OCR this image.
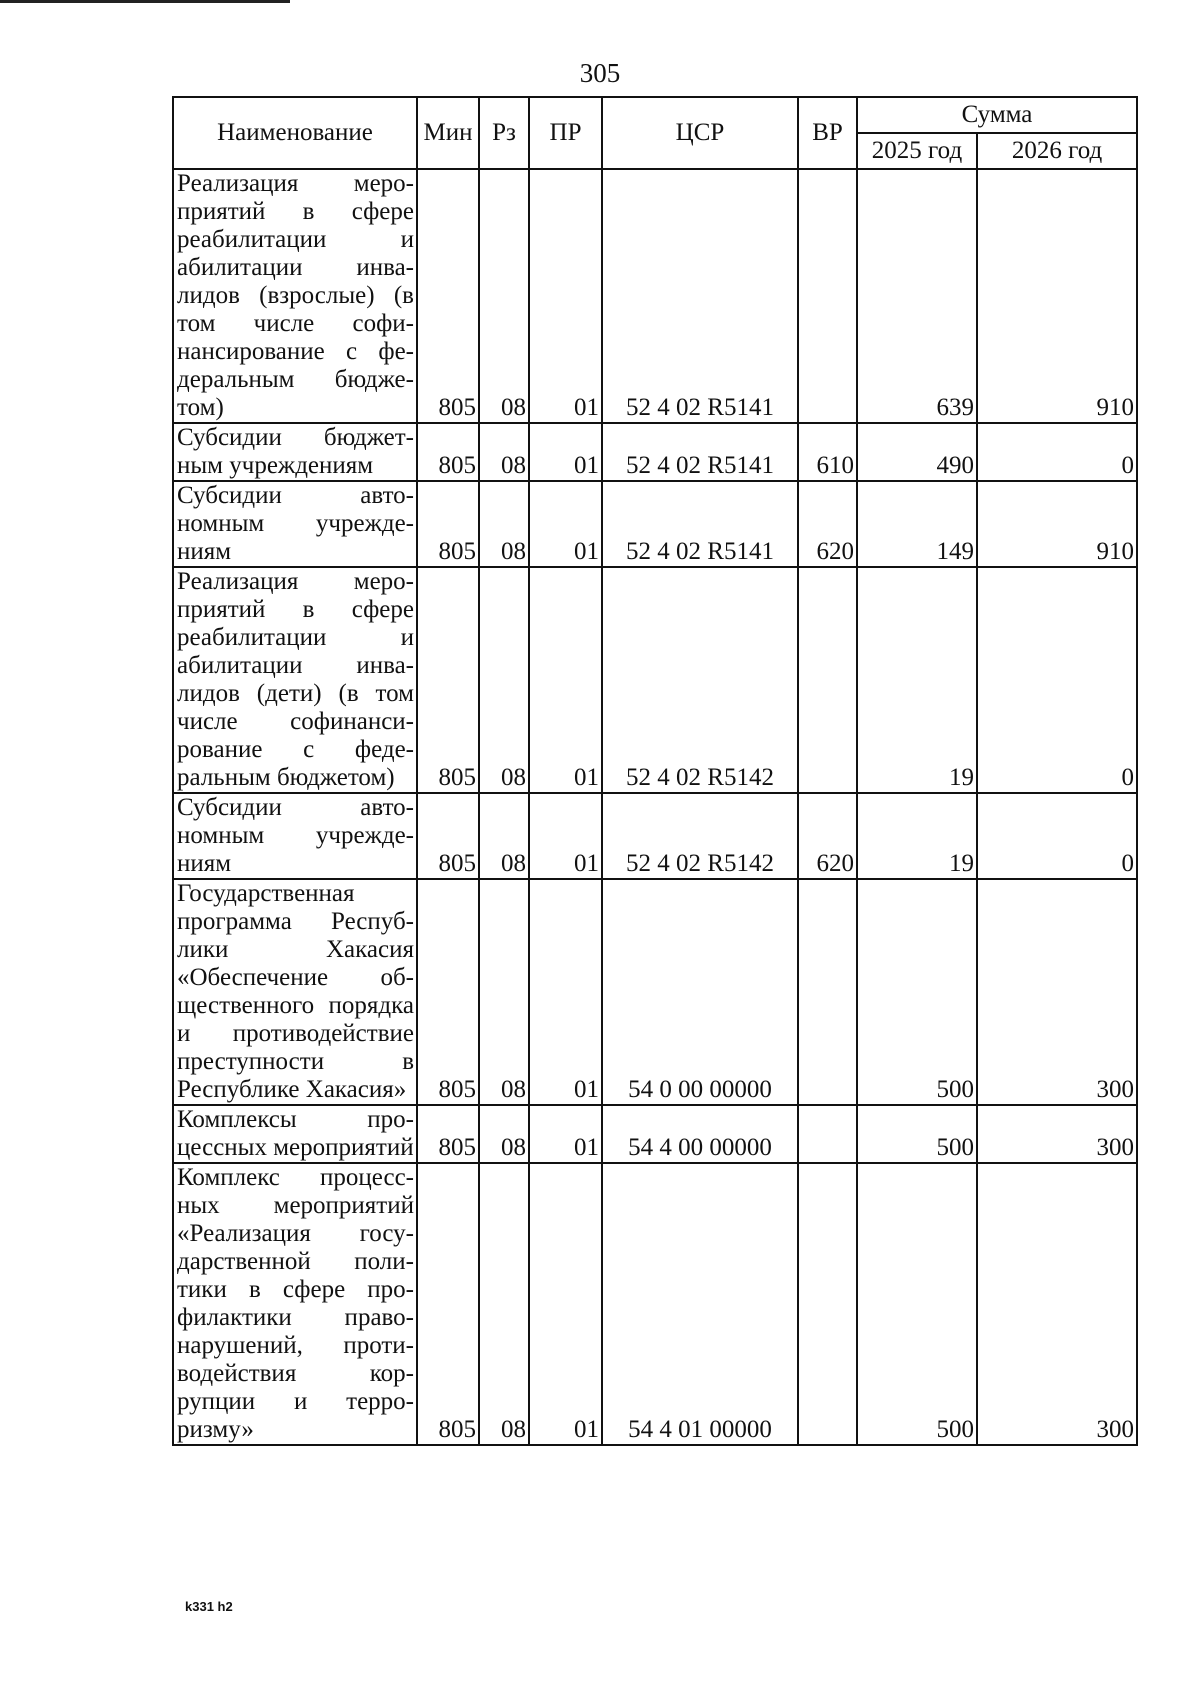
305
Наименование	Мин	Рз	ПР	ЦСР	ВР	Сумма	
						2025 год	2026 год
Реализация мероприятий в сфере реабилитации и абилитации инвалидов (взрослые) (в том числе софинансирование с федеральным бюджетом)	805	08	01	52 4 02 R5141		639	910
Субсидии бюджетным учреждениям	805	08	01	52 4 02 R5141	610	490	0
Субсидии автономным учреждениям	805	08	01	52 4 02 R5141	620	149	910
Реализация мероприятий в сфере реабилитации и абилитации инвалидов (дети) (в том числе софинансирование с федеральным бюджетом)	805	08	01	52 4 02 R5142		19	0
Субсидии автономным учреждениям	805	08	01	52 4 02 R5142	620	19	0
Государственная программа Республики Хакасия «Обеспечение общественного порядка и противодействие преступности в Республике Хакасия»	805	08	01	54 0 00 00000		500	300
Комплексы процессных мероприятий	805	08	01	54 4 00 00000		500	300
Комплекс процессных мероприятий «Реализация государственной политики в сфере профилактики правонарушений, противодействия коррупции и терроризму»	805	08	01	54 4 01 00000		500	300
k331 h2
